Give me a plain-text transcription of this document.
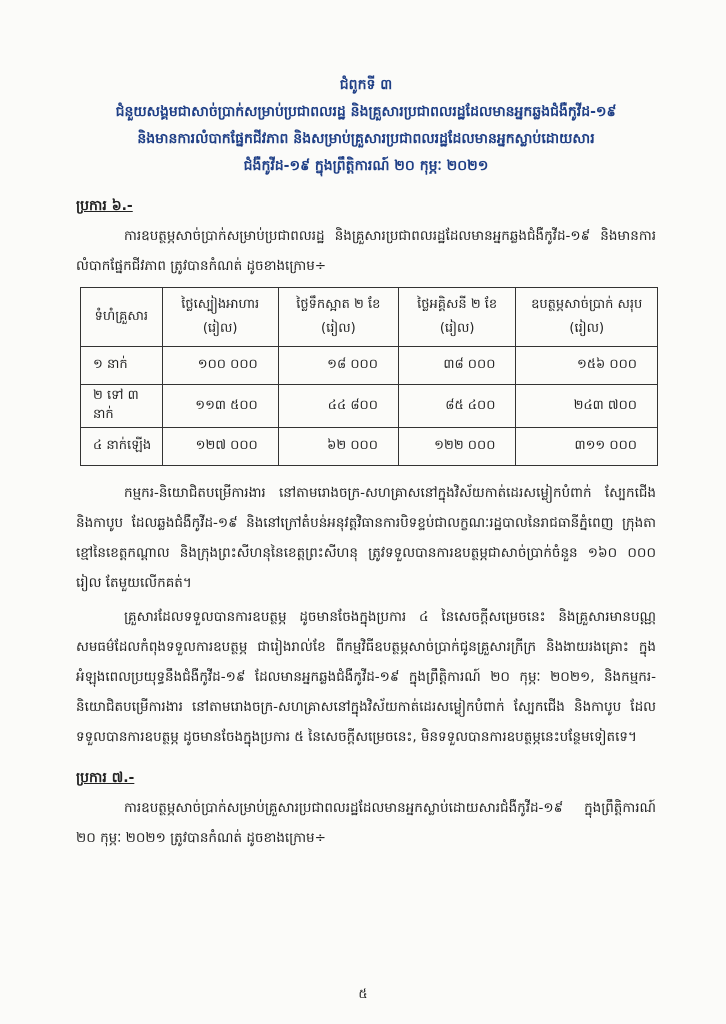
ជំពូកទី ៣
ជំនួយសង្គមជាសាច់ប្រាក់សម្រាប់ប្រជាពលរដ្ឋ និងគ្រួសារប្រជាពលរដ្ឋដែលមានអ្នកឆ្លងជំងឺកូវីដ-១៩
និងមានការលំបាកផ្នែកជីវភាព និងសម្រាប់គ្រួសារប្រជាពលរដ្ឋដែលមានអ្នកស្លាប់ដោយសារ
ជំងឺកូវីដ-១៩ ក្នុងព្រឹត្តិការណ៍ ២០ កុម្ភៈ ២០២១
ប្រការ ៦.-

ការឧបត្ថម្ភសាច់ប្រាក់សម្រាប់ប្រជាពលរដ្ឋ និងគ្រួសារប្រជាពលរដ្ឋដែលមានអ្នកឆ្លងជំងឺកូវីដ-១៩ និងមានការលំបាកផ្នែកជីវភាព ត្រូវបានកំណត់ ដូចខាងក្រោម÷

ទំហំគ្រួសារ	ថ្លៃស្បៀងអាហារ (រៀល)	ថ្លៃទឹកស្អាត ២ ខែ (រៀល)	ថ្លៃអគ្គិសនី ២ ខែ (រៀល)	ឧបត្ថម្ភសាច់ប្រាក់ សរុប (រៀល)
១ នាក់	១០០ ០០០	១៨ ០០០	៣៨ ០០០	១៥៦ ០០០
២ ទៅ ៣ នាក់	១១៣ ៥០០	៤៤ ៨០០	៨៥ ៤០០	២៤៣ ៧០០
៤ នាក់ឡើង	១២៧ ០០០	៦២ ០០០	១២២ ០០០	៣១១ ០០០

កម្មករ-និយោជិតបម្រើការងារ នៅតាមរោងចក្រ-សហគ្រាសនៅក្នុងវិស័យកាត់ដេរសម្លៀកបំពាក់ ស្បែកជើង និងកាបូប ដែលឆ្លងជំងឺកូវីដ-១៩ និងនៅក្រៅតំបន់អនុវត្តវិធានការបិទខ្ទប់ជាលក្ខណៈរដ្ឋបាលនៃរាជធានីភ្នំពេញ ក្រុងតាខ្មៅនៃខេត្តកណ្ដាល និងក្រុងព្រះសីហនុនៃខេត្តព្រះសីហនុ ត្រូវទទួលបានការឧបត្ថម្ភជាសាច់ប្រាក់ចំនួន ១៦០ ០០០ រៀល តែមួយលើកគត់។

គ្រួសារដែលទទួលបានការឧបត្ថម្ភ ដូចមានចែងក្នុងប្រការ ៤ នៃសេចក្ដីសម្រេចនេះ និងគ្រួសារមានបណ្ណសមធម៌ដែលកំពុងទទួលការឧបត្ថម្ភ ជារៀងរាល់ខែ ពីកម្មវិធីឧបត្ថម្ភសាច់ប្រាក់ជូនគ្រួសារក្រីក្រ និងងាយរងគ្រោះ ក្នុងអំឡុងពេលប្រយុទ្ធនឹងជំងឺកូវីដ-១៩ ដែលមានអ្នកឆ្លងជំងឺកូវីដ-១៩ ក្នុងព្រឹត្តិការណ៍ ២០ កុម្ភៈ ២០២១, និងកម្មករ-និយោជិតបម្រើការងារ នៅតាមរោងចក្រ-សហគ្រាសនៅក្នុងវិស័យកាត់ដេរសម្លៀកបំពាក់ ស្បែកជើង និងកាបូប ដែលទទួលបានការឧបត្ថម្ភ ដូចមានចែងក្នុងប្រការ ៥ នៃសេចក្ដីសម្រេចនេះ, មិនទទួលបានការឧបត្ថម្ភនេះបន្ថែមទៀតទេ។

ប្រការ ៧.-

ការឧបត្ថម្ភសាច់ប្រាក់សម្រាប់គ្រួសារប្រជាពលរដ្ឋដែលមានអ្នកស្លាប់ដោយសារជំងឺកូវីដ-១៩ ក្នុងព្រឹត្តិការណ៍ ២០ កុម្ភៈ ២០២១ ត្រូវបានកំណត់ ដូចខាងក្រោម÷

៥
